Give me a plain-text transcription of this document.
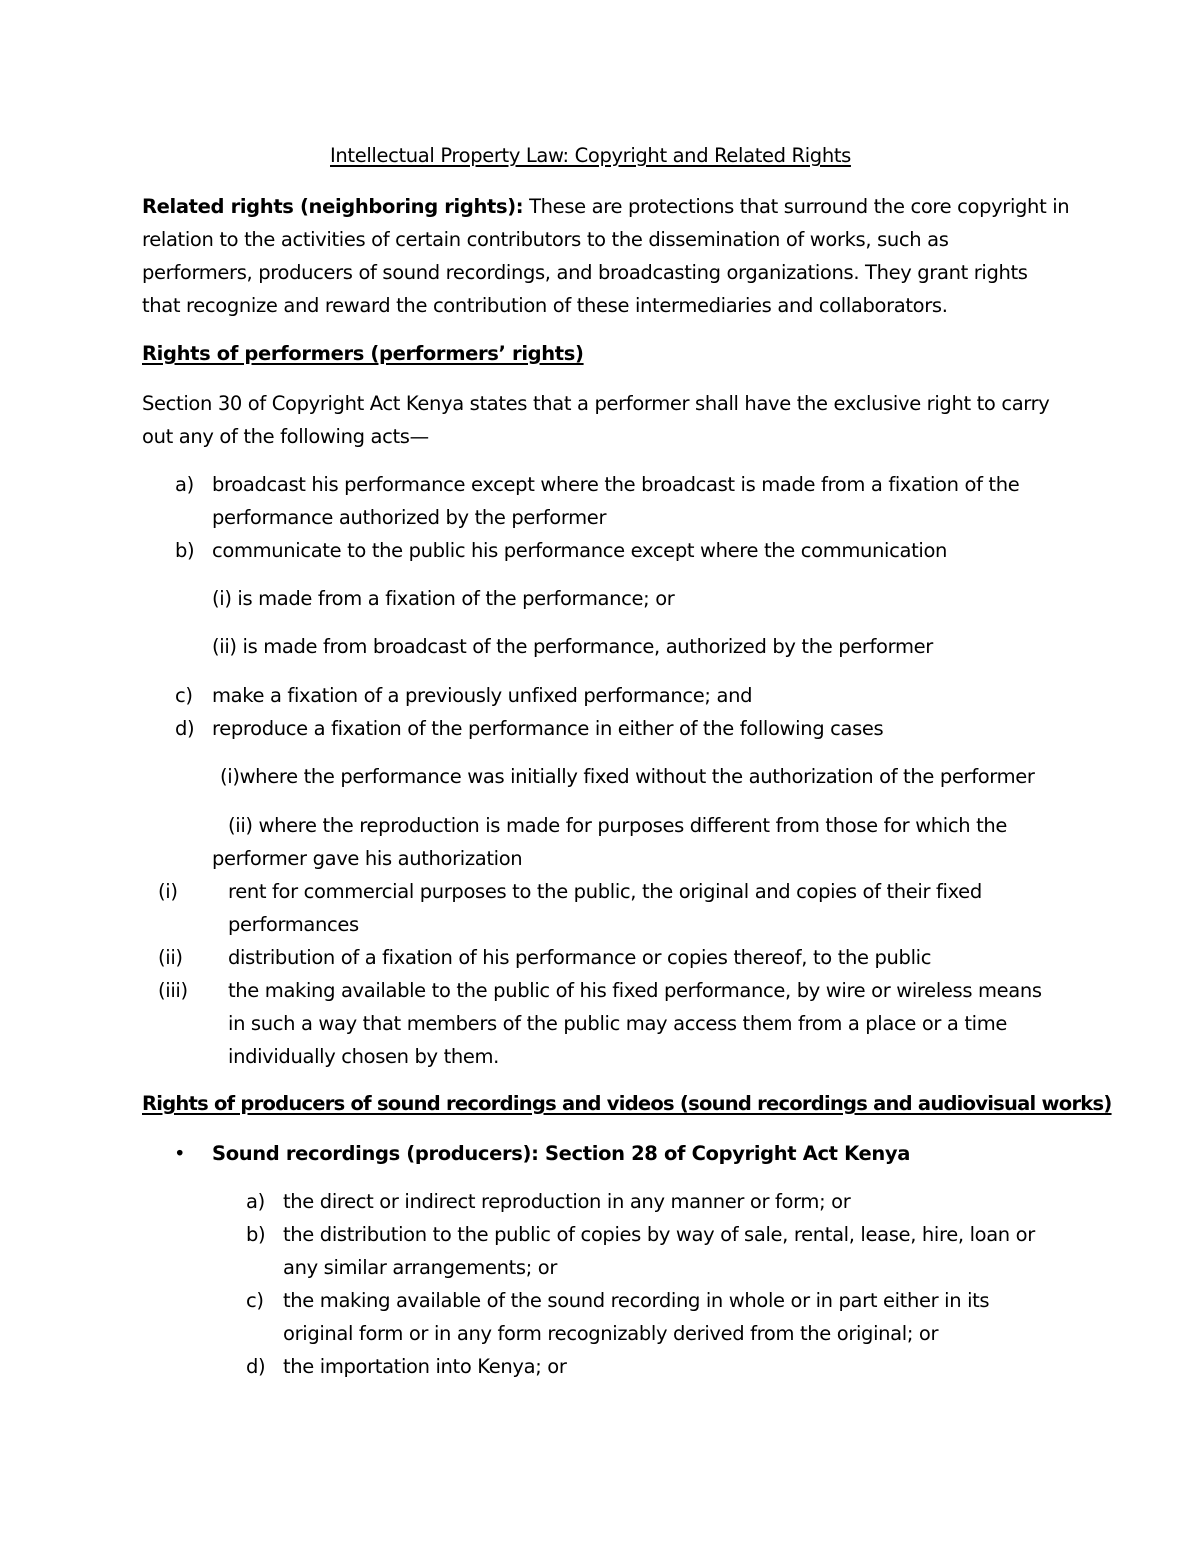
Intellectual Property Law: Copyright and Related Rights
Related rights (neighboring rights): These are protections that surround the core copyright in
relation to the activities of certain contributors to the dissemination of works, such as
performers, producers of sound recordings, and broadcasting organizations. They grant rights
that recognize and reward the contribution of these intermediaries and collaborators.
Rights of performers (performers’ rights)
Section 30 of Copyright Act Kenya states that a performer shall have the exclusive right to carry
out any of the following acts—
a) broadcast his performance except where the broadcast is made from a fixation of the
performance authorized by the performer
b) communicate to the public his performance except where the communication
(i) is made from a fixation of the performance; or
(ii) is made from broadcast of the performance, authorized by the performer
c) make a fixation of a previously unfixed performance; and
d) reproduce a fixation of the performance in either of the following cases
(i)where the performance was initially fixed without the authorization of the performer
(ii) where the reproduction is made for purposes different from those for which the
performer gave his authorization
(i)	rent for commercial purposes to the public, the original and copies of their fixed
performances
(ii) distribution of a fixation of his performance or copies thereof, to the public
(iii) the making available to the public of his fixed performance, by wire or wireless means
in such a way that members of the public may access them from a place or a time
individually chosen by them.
Rights of producers of sound recordings and videos (sound recordings and audiovisual works)
• Sound recordings (producers): Section 28 of Copyright Act Kenya
a) the direct or indirect reproduction in any manner or form; or
b) the distribution to the public of copies by way of sale, rental, lease, hire, loan or
any similar arrangements; or
c) the making available of the sound recording in whole or in part either in its
original form or in any form recognizably derived from the original; or
d) the importation into Kenya; or
